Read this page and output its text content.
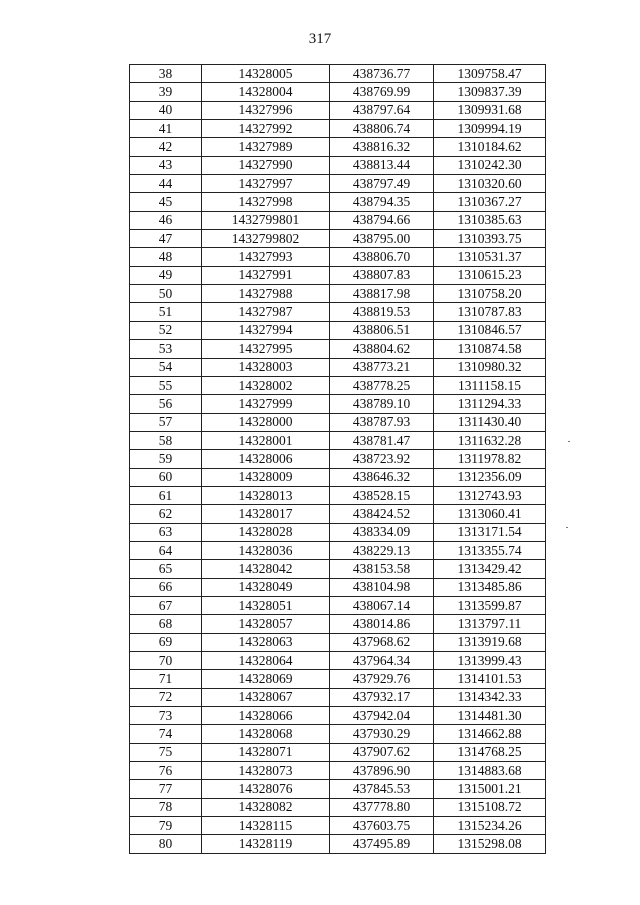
317
38	14328005	438736.77	1309758.47
39	14328004	438769.99	1309837.39
40	14327996	438797.64	1309931.68
41	14327992	438806.74	1309994.19
42	14327989	438816.32	1310184.62
43	14327990	438813.44	1310242.30
44	14327997	438797.49	1310320.60
45	14327998	438794.35	1310367.27
46	1432799801	438794.66	1310385.63
47	1432799802	438795.00	1310393.75
48	14327993	438806.70	1310531.37
49	14327991	438807.83	1310615.23
50	14327988	438817.98	1310758.20
51	14327987	438819.53	1310787.83
52	14327994	438806.51	1310846.57
53	14327995	438804.62	1310874.58
54	14328003	438773.21	1310980.32
55	14328002	438778.25	1311158.15
56	14327999	438789.10	1311294.33
57	14328000	438787.93	1311430.40
58	14328001	438781.47	1311632.28
59	14328006	438723.92	1311978.82
60	14328009	438646.32	1312356.09
61	14328013	438528.15	1312743.93
62	14328017	438424.52	1313060.41
63	14328028	438334.09	1313171.54
64	14328036	438229.13	1313355.74
65	14328042	438153.58	1313429.42
66	14328049	438104.98	1313485.86
67	14328051	438067.14	1313599.87
68	14328057	438014.86	1313797.11
69	14328063	437968.62	1313919.68
70	14328064	437964.34	1313999.43
71	14328069	437929.76	1314101.53
72	14328067	437932.17	1314342.33
73	14328066	437942.04	1314481.30
74	14328068	437930.29	1314662.88
75	14328071	437907.62	1314768.25
76	14328073	437896.90	1314883.68
77	14328076	437845.53	1315001.21
78	14328082	437778.80	1315108.72
79	14328115	437603.75	1315234.26
80	14328119	437495.89	1315298.08
